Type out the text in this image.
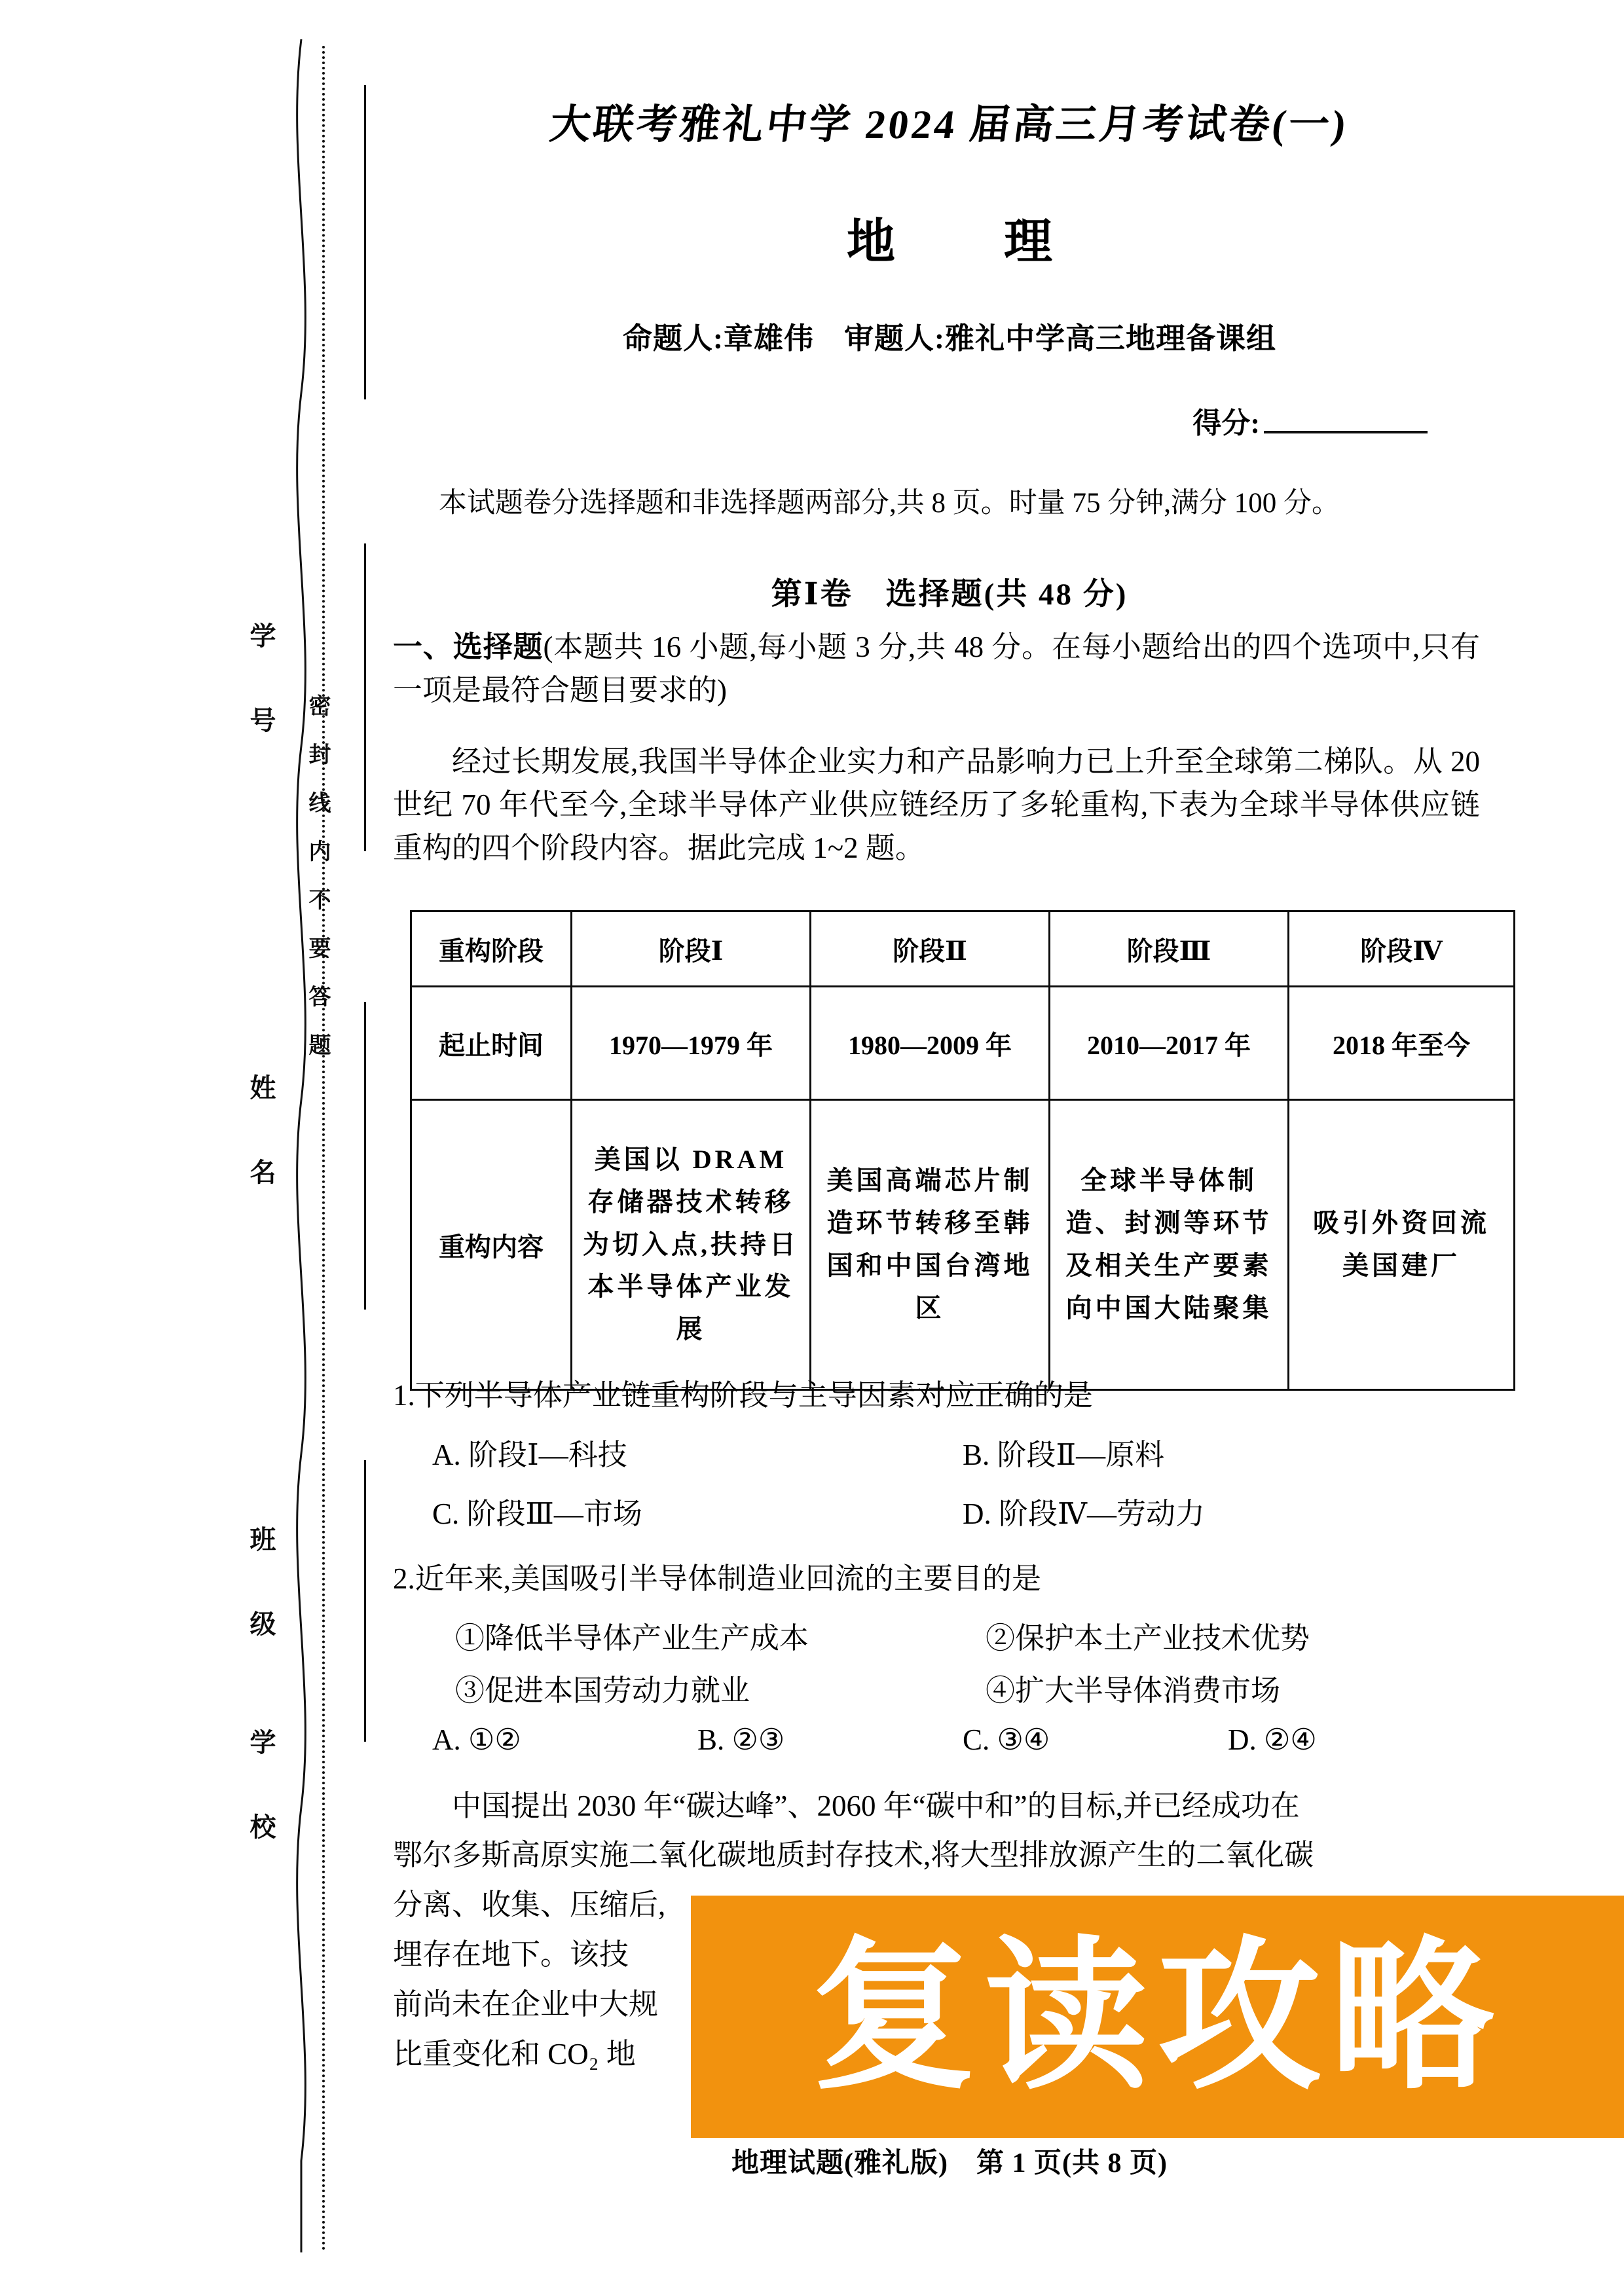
学 号
姓 名
班 级
学 校
密封线内不要答题
大联考雅礼中学 2024 届高三月考试卷(一)
地　理
命题人:章雄伟　审题人:雅礼中学高三地理备课组
得分:
本试题卷分选择题和非选择题两部分,共 8 页。时量 75 分钟,满分 100 分。
第Ⅰ卷　选择题(共 48 分)
一、选择题(本题共 16 小题,每小题 3 分,共 48 分。在每小题给出的四个选项中,只有一项是最符合题目要求的)
经过长期发展,我国半导体企业实力和产品影响力已上升至全球第二梯队。从 20 世纪 70 年代至今,全球半导体产业供应链经历了多轮重构,下表为全球半导体供应链重构的四个阶段内容。据此完成 1~2 题。
重构阶段	阶段Ⅰ	阶段Ⅱ	阶段Ⅲ	阶段Ⅳ
起止时间	1970—1979 年	1980—2009 年	2010—2017 年	2018 年至今
重构内容	美国以 DRAM 存储器技术转移为切入点,扶持日本半导体产业发展	美国高端芯片制造环节转移至韩国和中国台湾地区	全球半导体制造、封测等环节及相关生产要素向中国大陆聚集	吸引外资回流美国建厂
1.下列半导体产业链重构阶段与主导因素对应正确的是
A. 阶段Ⅰ—科技	B. 阶段Ⅱ—原料
C. 阶段Ⅲ—市场	D. 阶段Ⅳ—劳动力
2.近年来,美国吸引半导体制造业回流的主要目的是
①降低半导体产业生产成本	②保护本土产业技术优势
③促进本国劳动力就业	④扩大半导体消费市场
A. ①②	B. ②③	C. ③④	D. ②④
中国提出 2030 年“碳达峰”、2060 年“碳中和”的目标,并已经成功在
鄂尔多斯高原实施二氧化碳地质封存技术,将大型排放源产生的二氧化碳
分离、收集、压缩后,
埋存在地下。该技
前尚未在企业中大规
比重变化和 CO₂ 地
地理试题(雅礼版)　第 1 页(共 8 页)
复读攻略
